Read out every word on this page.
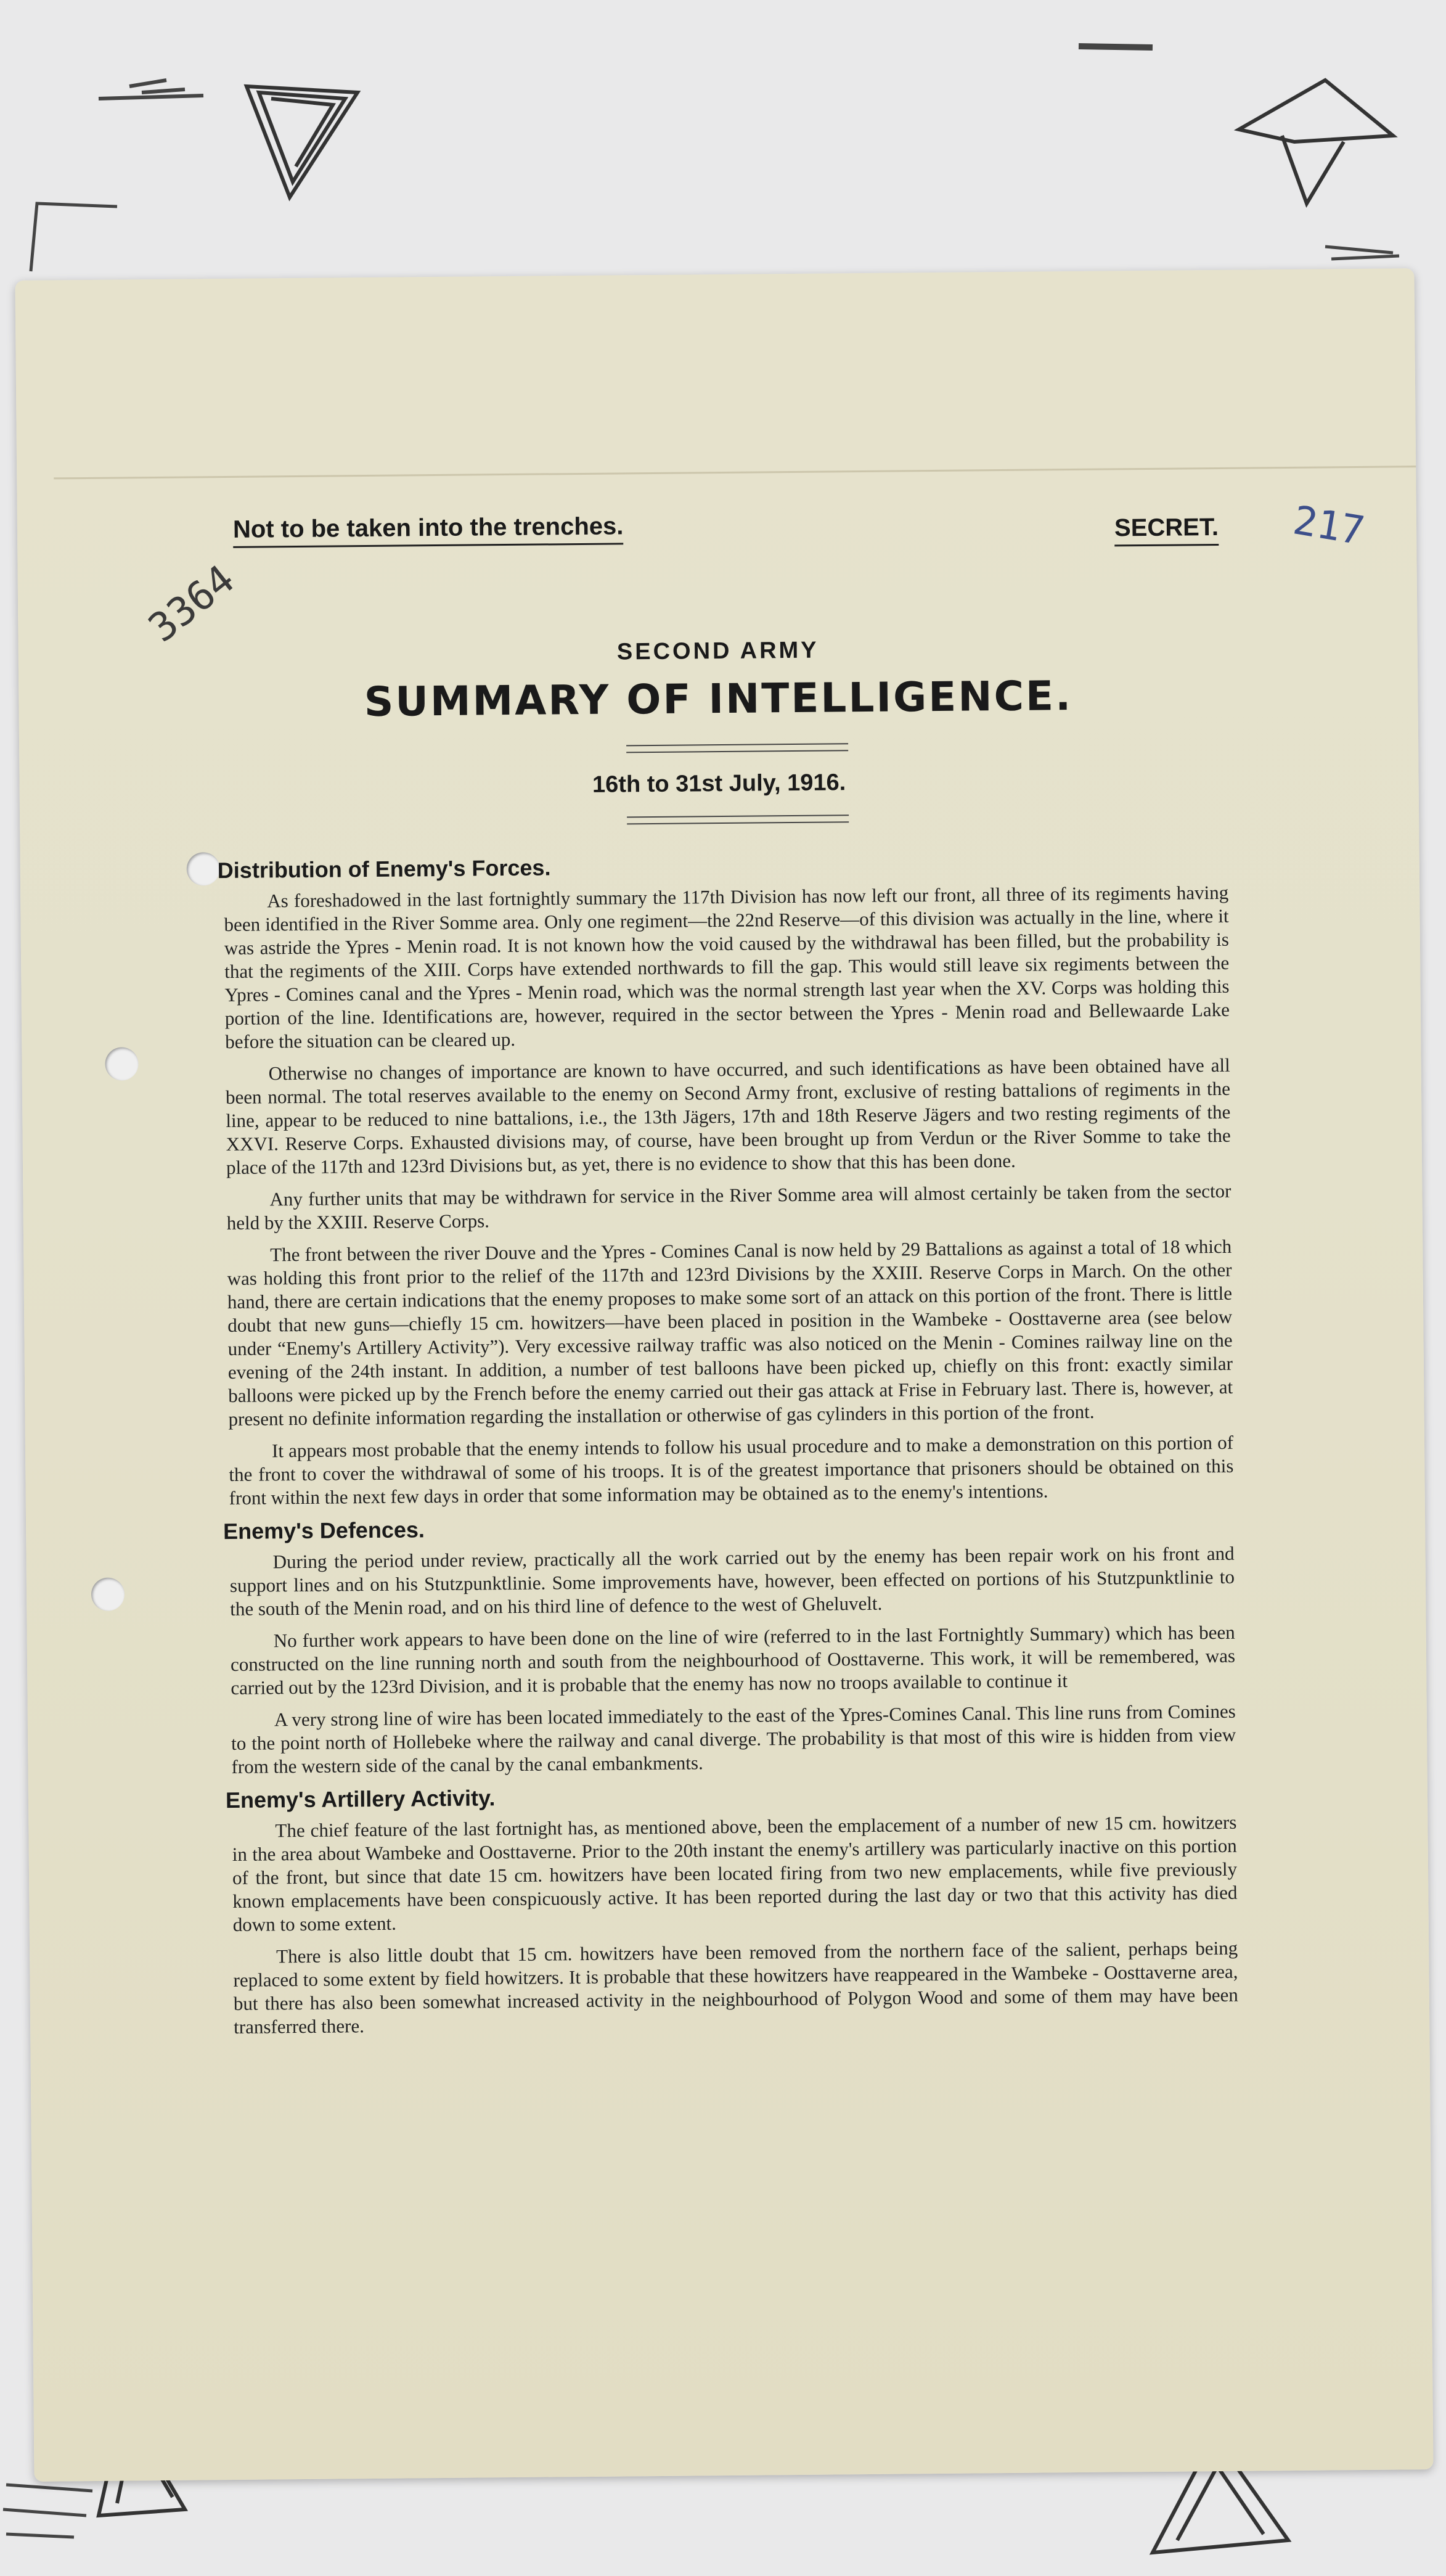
Not to be taken into the trenches.	SECRET. 217
3364	SECOND ARMY
SUMMARY OF INTELLIGENCE.
16th to 31st July, 1916.
Distribution of Enemy's Forces.

As foreshadowed in the last fortnightly summary the 117th Division has now left our front, all three of its regiments having been identified in the River Somme area. Only one regiment—the 22nd Reserve—of this division was actually in the line, where it was astride the Ypres - Menin road. It is not known how the void caused by the withdrawal has been filled, but the probability is that the regiments of the XIII. Corps have extended northwards to fill the gap. This would still leave six regiments between the Ypres - Comines canal and the Ypres - Menin road, which was the normal strength last year when the XV. Corps was holding this portion of the line. Identifications are, however, required in the sector between the Ypres - Menin road and Bellewaarde Lake before the situation can be cleared up.

Otherwise no changes of importance are known to have occurred, and such identifications as have been obtained have all been normal. The total reserves available to the enemy on Second Army front, exclusive of resting battalions of regiments in the line, appear to be reduced to nine battalions, i.e., the 13th Jägers, 17th and 18th Reserve Jägers and two resting regiments of the XXVI. Reserve Corps. Exhausted divisions may, of course, have been brought up from Verdun or the River Somme to take the place of the 117th and 123rd Divisions but, as yet, there is no evidence to show that this has been done.

Any further units that may be withdrawn for service in the River Somme area will almost certainly be taken from the sector held by the XXIII. Reserve Corps.

The front between the river Douve and the Ypres - Comines Canal is now held by 29 Battalions as against a total of 18 which was holding this front prior to the relief of the 117th and 123rd Divisions by the XXIII. Reserve Corps in March. On the other hand, there are certain indications that the enemy proposes to make some sort of an attack on this portion of the front. There is little doubt that new guns—chiefly 15 cm. howitzers—have been placed in position in the Wambeke - Oosttaverne area (see below under “Enemy's Artillery Activity”). Very excessive railway traffic was also noticed on the Menin - Comines railway line on the evening of the 24th instant. In addition, a number of test balloons have been picked up, chiefly on this front: exactly similar balloons were picked up by the French before the enemy carried out their gas attack at Frise in February last. There is, however, at present no definite information regarding the installation or otherwise of gas cylinders in this portion of the front.

It appears most probable that the enemy intends to follow his usual procedure and to make a demonstration on this portion of the front to cover the withdrawal of some of his troops. It is of the greatest importance that prisoners should be obtained on this front within the next few days in order that some information may be obtained as to the enemy's intentions.

Enemy's Defences.

During the period under review, practically all the work carried out by the enemy has been repair work on his front and support lines and on his Stutzpunktlinie. Some improvements have, however, been effected on portions of his Stutzpunktlinie to the south of the Menin road, and on his third line of defence to the west of Gheluvelt.

No further work appears to have been done on the line of wire (referred to in the last Fortnightly Summary) which has been constructed on the line running north and south from the neighbourhood of Oosttaverne. This work, it will be remembered, was carried out by the 123rd Division, and it is probable that the enemy has now no troops available to continue it

A very strong line of wire has been located immediately to the east of the Ypres-Comines Canal. This line runs from Comines to the point north of Hollebeke where the railway and canal diverge. The probability is that most of this wire is hidden from view from the western side of the canal by the canal embankments.

Enemy's Artillery Activity.

The chief feature of the last fortnight has, as mentioned above, been the emplacement of a number of new 15 cm. howitzers in the area about Wambeke and Oosttaverne. Prior to the 20th instant the enemy's artillery was particularly inactive on this portion of the front, but since that date 15 cm. howitzers have been located firing from two new emplacements, while five previously known emplacements have been conspicuously active. It has been reported during the last day or two that this activity has died down to some extent.

There is also little doubt that 15 cm. howitzers have been removed from the northern face of the salient, perhaps being replaced to some extent by field howitzers. It is probable that these howitzers have reappeared in the Wambeke - Oosttaverne area, but there has also been somewhat increased activity in the neighbourhood of Polygon Wood and some of them may have been transferred there.
